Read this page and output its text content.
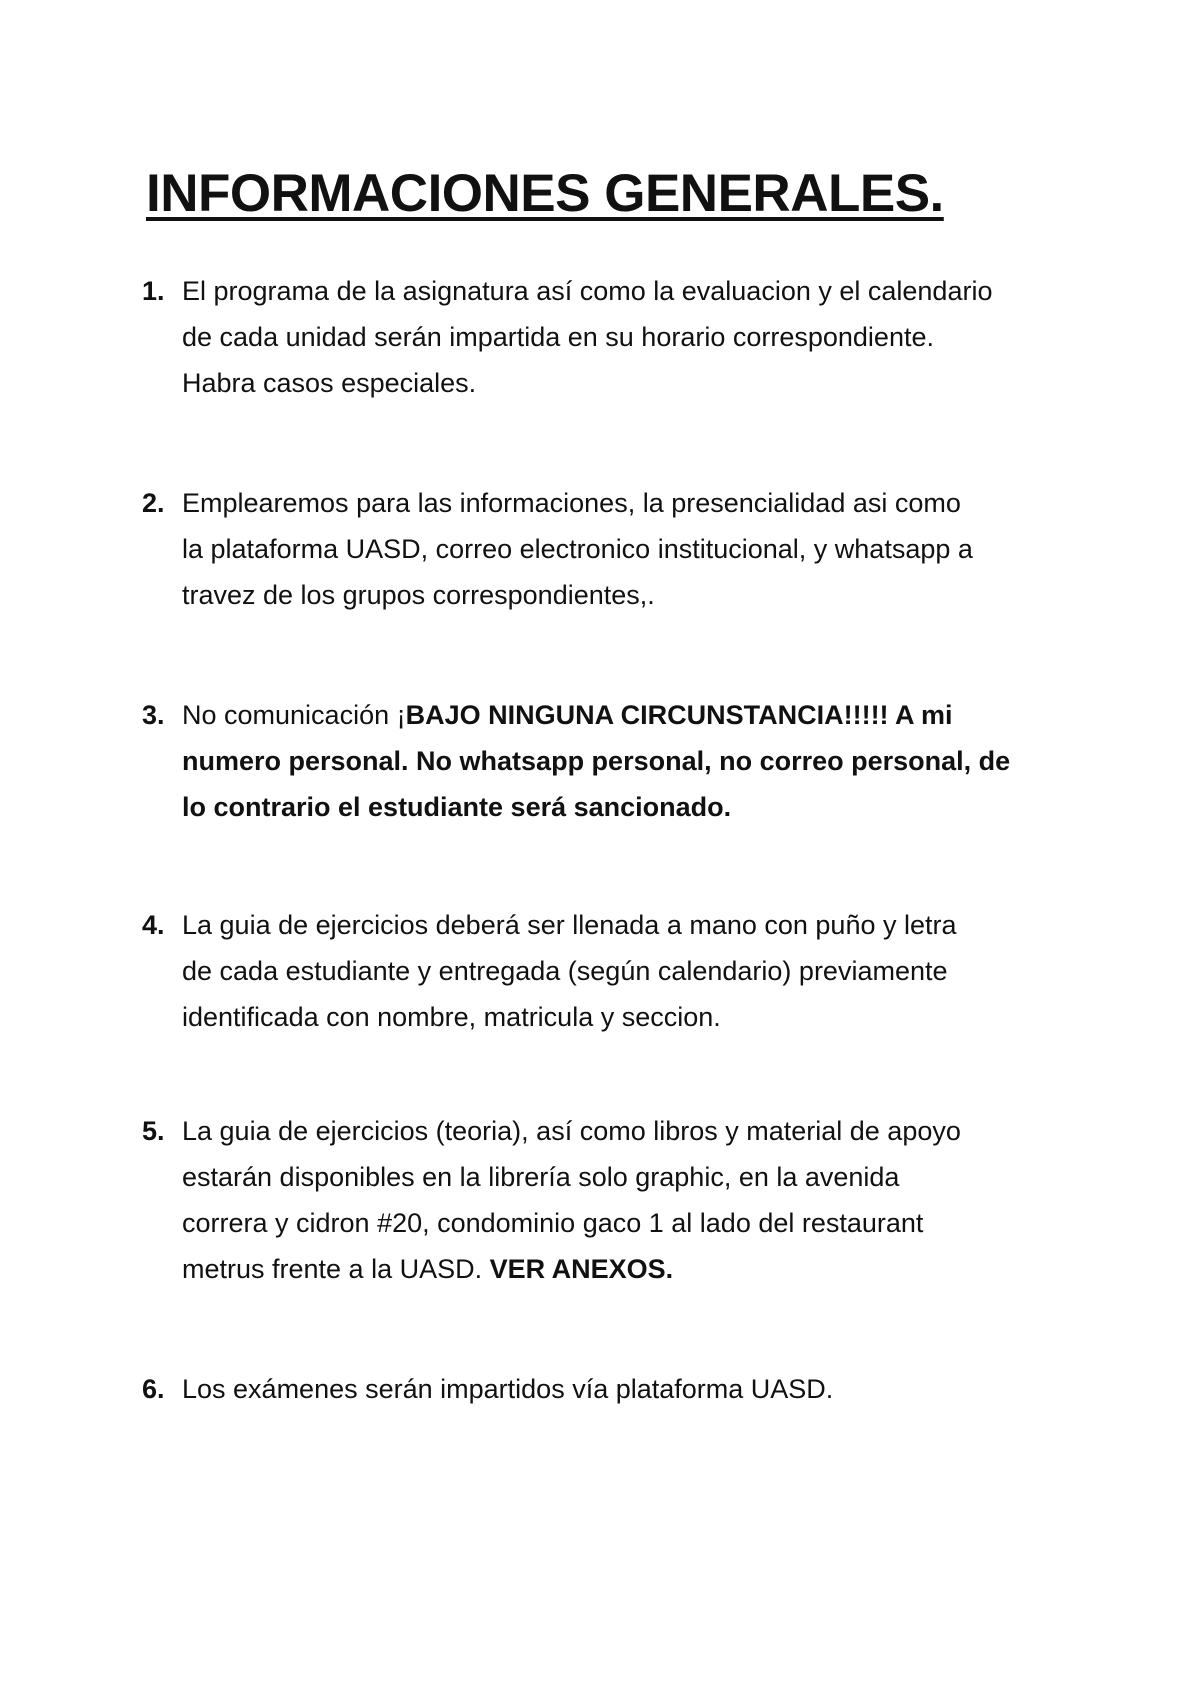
INFORMACIONES GENERALES.
1. El programa de la asignatura así como la evaluacion y el calendario
de cada unidad serán impartida en su horario correspondiente.
Habra casos especiales.
2. Emplearemos para las informaciones, la presencialidad asi como
la plataforma UASD, correo electronico institucional, y whatsapp a
travez de los grupos correspondientes,.
3. No comunicación ¡BAJO NINGUNA CIRCUNSTANCIA!!!!! A mi
numero personal. No whatsapp personal, no correo personal, de
lo contrario el estudiante será sancionado.
4. La guia de ejercicios deberá ser llenada a mano con puño y letra
de cada estudiante y entregada (según calendario) previamente
identificada con nombre, matricula y seccion.
5. La guia de ejercicios (teoria), así como libros y material de apoyo
estarán disponibles en la librería solo graphic, en la avenida
correra y cidron #20, condominio gaco 1 al lado del restaurant
metrus frente a la UASD. VER ANEXOS.
6. Los exámenes serán impartidos vía plataforma UASD.
